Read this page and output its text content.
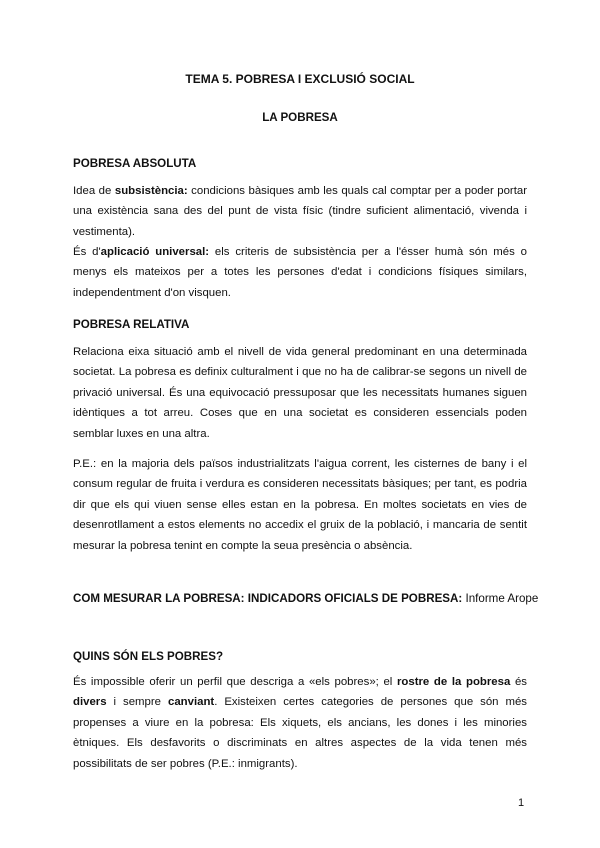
TEMA 5. POBRESA I EXCLUSIÓ SOCIAL
LA POBRESA
POBRESA ABSOLUTA

Idea de subsistència: condicions bàsiques amb les quals cal comptar per a poder portar una existència sana des del punt de vista físic (tindre suficient alimentació, vivenda i vestimenta).

És d'aplicació universal: els criteris de subsistència per a l'ésser humà són més o menys els mateixos per a totes les persones d'edat i condicions físiques similars, independentment d'on visquen.

POBRESA RELATIVA

Relaciona eixa situació amb el nivell de vida general predominant en una determinada societat. La pobresa es definix culturalment i que no ha de calibrar-se segons un nivell de privació universal. És una equivocació pressuposar que les necessitats humanes siguen idèntiques a tot arreu. Coses que en una societat es consideren essencials poden semblar luxes en una altra.

P.E.: en la majoria dels països industrialitzats l'aigua corrent, les cisternes de bany i el consum regular de fruita i verdura es consideren necessitats bàsiques; per tant, es podria dir que els qui viuen sense elles estan en la pobresa. En moltes societats en vies de desenrotllament a estos elements no accedix el gruix de la població, i mancaria de sentit mesurar la pobresa tenint en compte la seua presència o absència.

COM MESURAR LA POBRESA: INDICADORS OFICIALS DE POBRESA: Informe Arope
QUINS SÓN ELS POBRES?

És impossible oferir un perfil que descriga a «els pobres»; el rostre de la pobresa és divers i sempre canviant. Existeixen certes categories de persones que són més propenses a viure en la pobresa: Els xiquets, els ancians, les dones i les minories ètniques. Els desfavorits o discriminats en altres aspectes de la vida tenen més possibilitats de ser pobres (P.E.: inmigrants).

1
